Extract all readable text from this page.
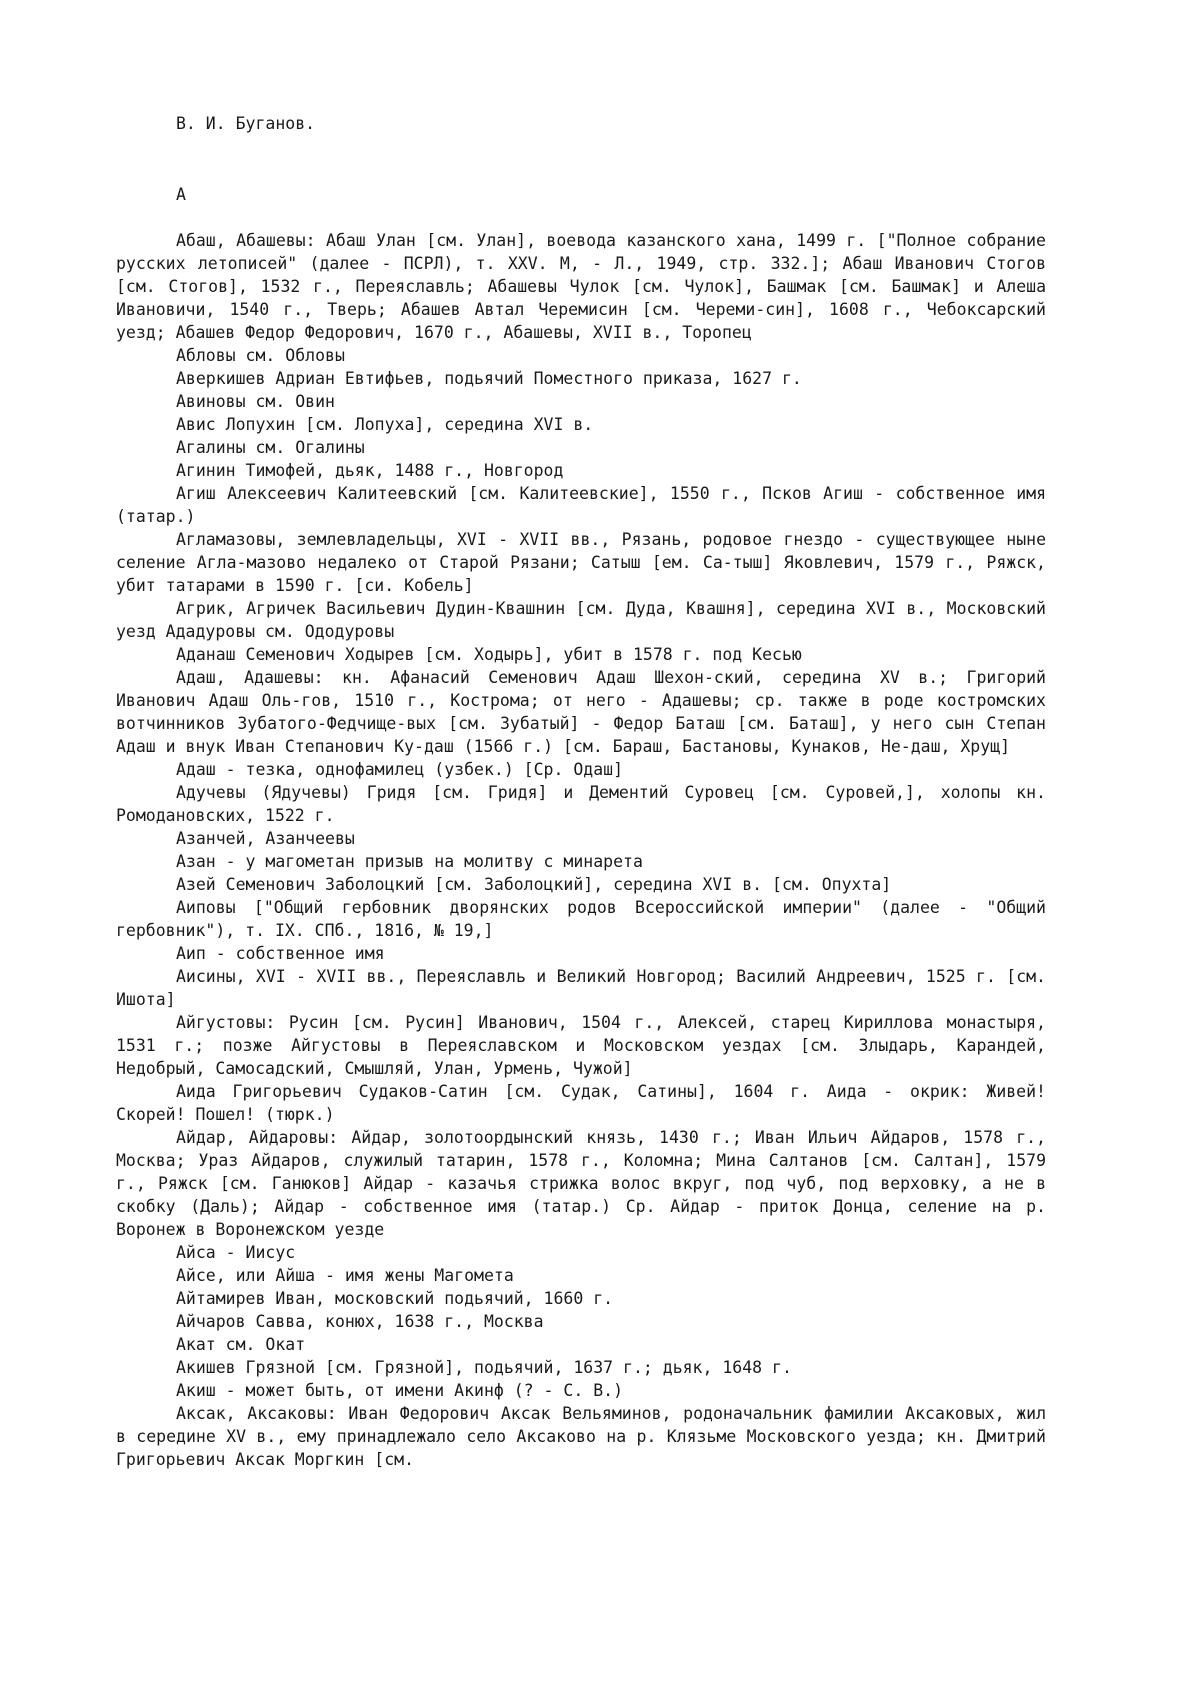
В. И. Буганов.

А

Абаш, Абашевы: Абаш Улан [см. Улан], воевода казанского хана, 1499 г. ["Полное собрание русских летописей" (далее - ПСРЛ), т. XXV. М, - Л., 1949, стр. 332.]; Абаш Иванович Стогов [см. Стогов], 1532 г., Переяславль; Абашевы Чулок [см. Чулок], Башмак [см. Башмак] и Алеша Ивановичи, 1540 г., Тверь; Абашев Автал Черемисин [см. Череми-син], 1608 г., Чебоксарский уезд; Абашев Федор Федорович, 1670 г., Абашевы, XVII в., Торопец

Абловы см. Обловы

Аверкишев Адриан Евтифьев, подьячий Поместного приказа, 1627 г.

Авиновы см. Овин

Авис Лопухин [см. Лопуха], середина XVI в.

Агалины см. Огалины

Агинин Тимофей, дьяк, 1488 г., Новгород

Агиш Алексеевич Калитеевский [см. Калитеевские], 1550 г., Псков Агиш - собственное имя (татар.)

Агламазовы, землевладельцы, XVI - XVII вв., Рязань, родовое гнездо - существующее ныне селение Агла-мазово недалеко от Старой Рязани; Сатыш [ем. Са-тыш] Яковлевич, 1579 г., Ряжск, убит татарами в 1590 г. [си. Кобель]

Агрик, Агричек Васильевич Дудин-Квашнин [см. Дуда, Квашня], середина XVI в., Московский уезд Ададуровы см. Ододуровы

Аданаш Семенович Ходырев [см. Ходырь], убит в 1578 г. под Кесью

Адаш, Адашевы: кн. Афанасий Семенович Адаш Шехон-ский, середина XV в.; Григорий Иванович Адаш Оль-гов, 1510 г., Кострома; от него - Адашевы; ср. также в роде костромских вотчинников Зубатого-Федчище-вых [см. Зубатый] - Федор Баташ [см. Баташ], у него сын Степан Адаш и внук Иван Степанович Ку-даш (1566 г.) [см. Бараш, Бастановы, Кунаков, Не-даш, Хрущ]

Адаш - тезка, однофамилец (узбек.) [Ср. Одаш]

Адучевы (Ядучевы) Гридя [см. Гридя] и Дементий Суровец [см. Суровей,], холопы кн. Ромодановских, 1522 г.

Азанчей, Азанчеевы

Азан - у магометан призыв на молитву с минарета

Азей Семенович Заболоцкий [см. Заболоцкий], середина XVI в. [см. Опухта]

Аиповы ["Общий гербовник дворянских родов Всероссийской империи" (далее - "Общий гербовник"), т. IX. СПб., 1816, № 19,]

Аип - собственное имя

Аисины, XVI - XVII вв., Переяславль и Великий Новгород; Василий Андреевич, 1525 г. [см. Ишота]

Айгустовы: Русин [см. Русин] Иванович, 1504 г., Алексей, старец Кириллова монастыря, 1531 г.; позже Айгустовы в Переяславском и Московском уездах [см. Злыдарь, Карандей, Недобрый, Самосадский, Смышляй, Улан, Урмень, Чужой]

Аида Григорьевич Судаков-Сатин [см. Судак, Сатины], 1604 г. Аида - окрик: Живей! Скорей! Пошел! (тюрк.)

Айдар, Айдаровы: Айдар, золотоордынский князь, 1430 г.; Иван Ильич Айдаров, 1578 г., Москва; Ураз Айдаров, служилый татарин, 1578 г., Коломна; Мина Салтанов [см. Салтан], 1579 г., Ряжск [см. Ганюков] Айдар - казачья стрижка волос вкруг, под чуб, под верховку, а не в скобку (Даль); Айдар - собственное имя (татар.) Ср. Айдар - приток Донца, селение на р. Воронеж в Воронежском уезде

Айса - Иисус

Айсе, или Айша - имя жены Магомета

Айтамирев Иван, московский подьячий, 1660 г.

Айчаров Савва, конюх, 1638 г., Москва

Акат см. Окат

Акишев Грязной [см. Грязной], подьячий, 1637 г.; дьяк, 1648 г.

Акиш - может быть, от имени Акинф (? - С. В.)

Аксак, Аксаковы: Иван Федорович Аксак Вельяминов, родоначальник фамилии Аксаковых, жил в середине XV в., ему принадлежало село Аксаково на р. Клязьме Московского уезда; кн. Дмитрий Григорьевич Аксак Моргкин [см.
